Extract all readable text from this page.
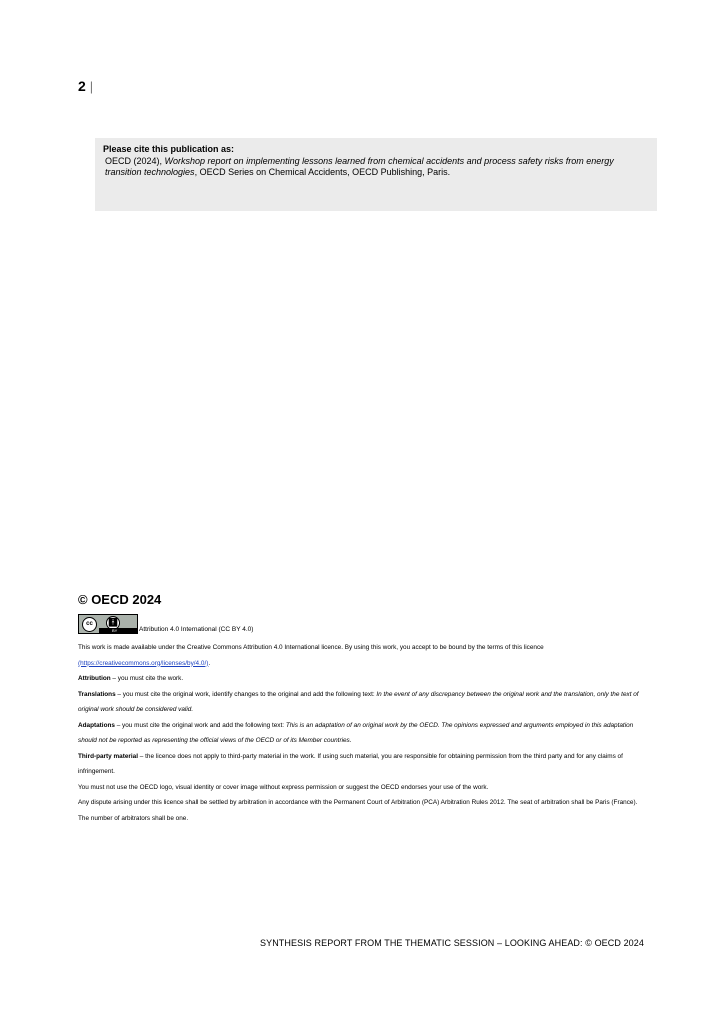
2 |
Please cite this publication as:
OECD (2024), Workshop report on implementing lessons learned from chemical accidents and process safety risks from energy transition technologies, OECD Series on Chemical Accidents, OECD Publishing, Paris.
© OECD 2024
cc	🚹︎
BY	Attribution 4.0 International (CC BY 4.0)

This work is made available under the Creative Commons Attribution 4.0 International licence. By using this work, you accept to be bound by the terms of this licence

(https://creativecommons.org/licenses/by/4.0/).

Attribution – you must cite the work.

Translations – you must cite the original work, identify changes to the original and add the following text: In the event of any discrepancy between the original work and the translation, only the text of original work should be considered valid.

Adaptations – you must cite the original work and add the following text: This is an adaptation of an original work by the OECD. The opinions expressed and arguments employed in this adaptation should not be reported as representing the official views of the OECD or of its Member countries.

Third-party material – the licence does not apply to third-party material in the work. If using such material, you are responsible for obtaining permission from the third party and for any claims of infringement.

You must not use the OECD logo, visual identity or cover image without express permission or suggest the OECD endorses your use of the work.

Any dispute arising under this licence shall be settled by arbitration in accordance with the Permanent Court of Arbitration (PCA) Arbitration Rules 2012. The seat of arbitration shall be Paris (France). The number of arbitrators shall be one.

SYNTHESIS REPORT FROM THE THEMATIC SESSION – LOOKING AHEAD: © OECD 2024
